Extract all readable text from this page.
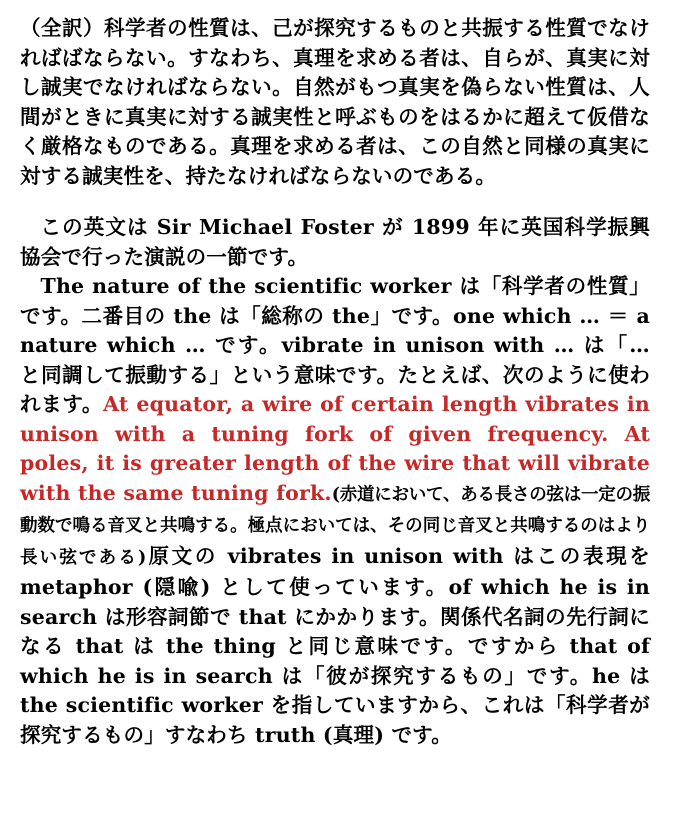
（全訳）科学者の性質は、己が探究するものと共振する性質でなければばならない。すなわち、真理を求める者は、自らが、真実に対し誠実でなければならない。自然がもつ真実を偽らない性質は、人間がときに真実に対する誠実性と呼ぶものをはるかに超えて仮借なく厳格なものである。真理を求める者は、この自然と同様の真実に対する誠実性を、持たなければならないのである。

この英文は Sir Michael Foster が 1899 年に英国科学振興協会で行った演説の一節です。

The nature of the scientific worker は「科学者の性質」です。二番目の the は「総称の the」です。one which … ＝ a nature which … です。vibrate in unison with … は「… と同調して振動する」という意味です。たとえば、次のように使われます。At equator, a wire of certain length vibrates in unison with a tuning fork of given frequency. At poles, it is greater length of the wire that will vibrate with the same tuning fork.(赤道において、ある長さの弦は一定の振動数で鳴る音叉と共鳴する。極点においては、その同じ音叉と共鳴するのはより長い弦である)原文の vibrates in unison with はこの表現を metaphor (隠喩) として使っています。of which he is in search は形容詞節で that にかかります。関係代名詞の先行詞になる that は the thing と同じ意味です。ですから that of which he is in search は「彼が探究するもの」です。he は the scientific worker を指していますから、これは「科学者が探究するもの」すなわち truth (真理) です。
